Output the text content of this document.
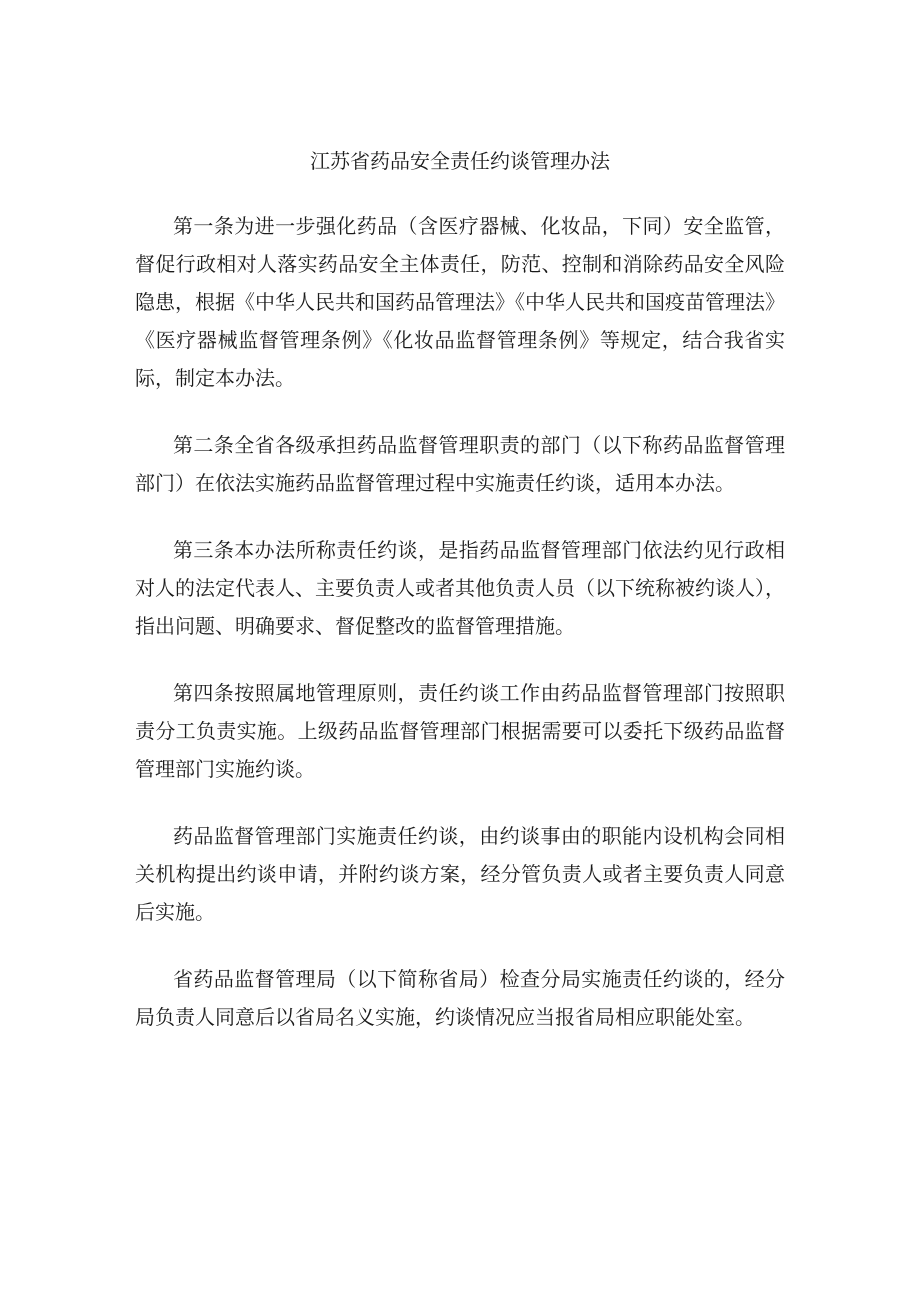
江苏省药品安全责任约谈管理办法

第一条为进一步强化药品（含医疗器械、化妆品，下同）安全监管，督促行政相对人落实药品安全主体责任，防范、控制和消除药品安全风险隐患，根据《中华人民共和国药品管理法》《中华人民共和国疫苗管理法》《医疗器械监督管理条例》《化妆品监督管理条例》等规定，结合我省实际，制定本办法。

第二条全省各级承担药品监督管理职责的部门（以下称药品监督管理部门）在依法实施药品监督管理过程中实施责任约谈，适用本办法。

第三条本办法所称责任约谈，是指药品监督管理部门依法约见行政相对人的法定代表人、主要负责人或者其他负责人员（以下统称被约谈人），指出问题、明确要求、督促整改的监督管理措施。

第四条按照属地管理原则，责任约谈工作由药品监督管理部门按照职责分工负责实施。上级药品监督管理部门根据需要可以委托下级药品监督管理部门实施约谈。

药品监督管理部门实施责任约谈，由约谈事由的职能内设机构会同相关机构提出约谈申请，并附约谈方案，经分管负责人或者主要负责人同意后实施。

省药品监督管理局（以下简称省局）检查分局实施责任约谈的，经分局负责人同意后以省局名义实施，约谈情况应当报省局相应职能处室。
